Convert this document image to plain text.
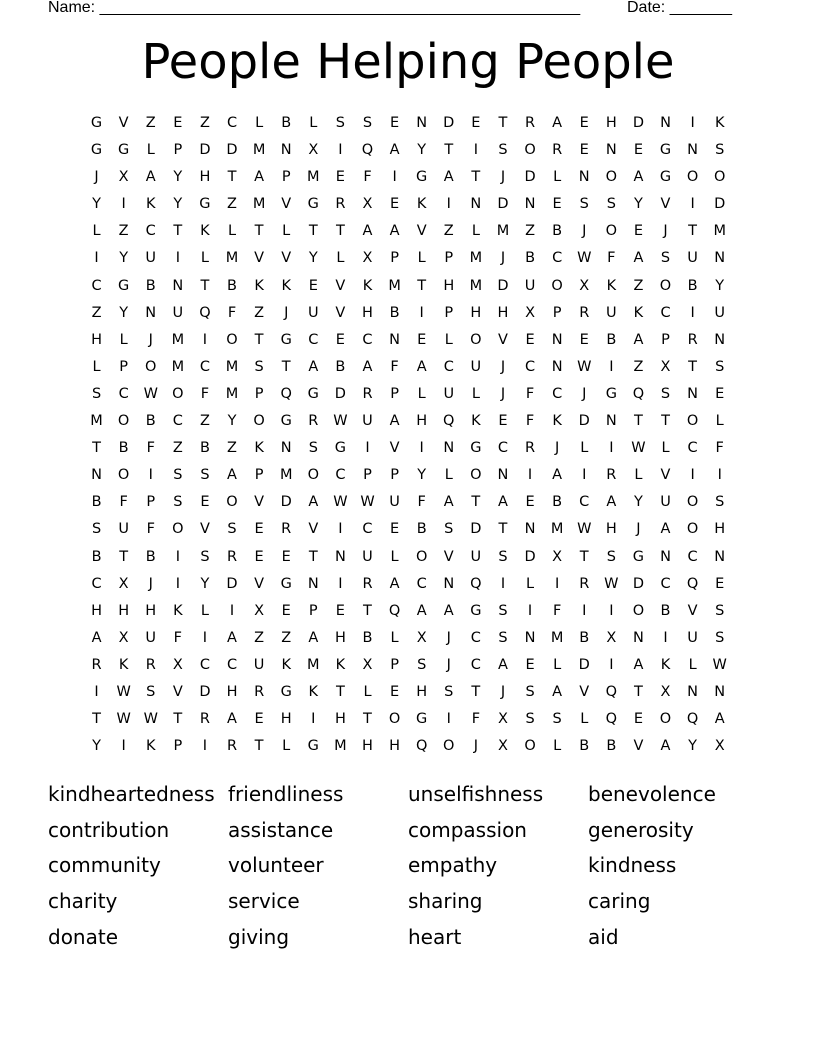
Name: ______________________________________________________	Date: _______
People Helping People
G	V	Z	E	Z	C	L	B	L	S	S	E	N	D	E	T	R	A	E	H	D	N	I	K
G	G	L	P	D	D	M	N	X	I	Q	A	Y	T	I	S	O	R	E	N	E	G	N	S
J	X	A	Y	H	T	A	P	M	E	F	I	G	A	T	J	D	L	N	O	A	G	O	O
Y	I	K	Y	G	Z	M	V	G	R	X	E	K	I	N	D	N	E	S	S	Y	V	I	D
L	Z	C	T	K	L	T	L	T	T	A	A	V	Z	L	M	Z	B	J	O	E	J	T	M
I	Y	U	I	L	M	V	V	Y	L	X	P	L	P	M	J	B	C	W	F	A	S	U	N
C	G	B	N	T	B	K	K	E	V	K	M	T	H	M	D	U	O	X	K	Z	O	B	Y
Z	Y	N	U	Q	F	Z	J	U	V	H	B	I	P	H	H	X	P	R	U	K	C	I	U
H	L	J	M	I	O	T	G	C	E	C	N	E	L	O	V	E	N	E	B	A	P	R	N
L	P	O	M	C	M	S	T	A	B	A	F	A	C	U	J	C	N	W	I	Z	X	T	S
S	C	W O	F	M	P	Q	G	D	R	P	L	U	L	J	F	C	J	G	Q	S	N	E
M	O	B	C	Z	Y	O	G	R	W	U	A	H	Q	K	E	F	K	D	N	T	T	O	L
T	B	F	Z	B	Z	K	N	S	G	I	V	I	N	G	C	R	J	L	I	W	L	C	F
N	O	I	S	S	A	P	M	O	C	P	P	Y	L	O	N	I	A	I	R	L	V	I	I
B	F	P	S	E	O	V	D	A	W W	U	F	A	T	A	E	B	C	A	Y	U	O	S
S	U	F	O	V	S	E	R	V	I	C	E	B	S	D	T	N	M W H	J	A	O	H
B	T	B	I	S	R	E	E	T	N	U	L	O	V	U	S	D	X	T	S	G	N	C	N
C	X	J	I	Y	D	V	G	N	I	R	A	C	N	Q	I	L	I	R	W D	C	Q	E
H	H	H	K	L	I	X	E	P	E	T	Q	A	A	G	S	I	F	I	I	O	B	V	S
A	X	U	F	I	A	Z	Z	A	H	B	L	X	J	C	S	N	M	B	X	N	I	U	S
R	K	R	X	C	C	U	K	M	K	X	P	S	J	C	A	E	L	D	I	A	K	L	W
I	W	S	V	D	H	R	G	K	T	L	E	H	S	T	J	S	A	V	Q	T	X	N	N
T	W W	T	R	A	E	H	I	H	T	O	G	I	F	X	S	S	L	Q	E	O	Q	A
Y	I	K	P	I	R	T	L	G	M	H	H	Q	O	J	X	O	L	B	B	V	A	Y	X
kindheartedness friendliness	unselfishness	benevolence
contribution	assistance	compassion	generosity
community	volunteer	empathy	kindness
charity	service	sharing	caring
donate	giving	heart	aid
